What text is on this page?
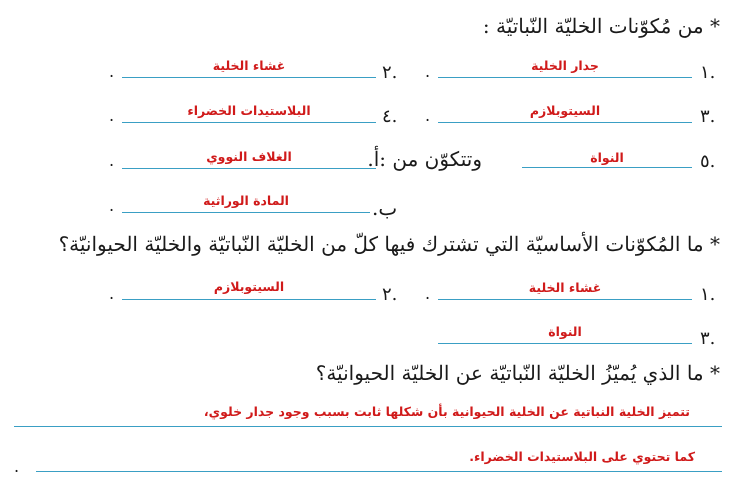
* من مُكوّنات الخليّة النّباتيّة :
.١
جدار الخلية
.
.٢
غشاء الخلية
.
.٣
السيتوبلازم
.
.٤
البلاستيدات الخضراء
.
.٥
النواة
وتتكوّن من :أ.
الغلاف النووي
.
ب.
المادة الوراثية
.
* ما المُكوّنات الأساسيّة التي تشترك فيها كلّ من الخليّة النّباتيّة والخليّة الحيوانيّة؟
.١
غشاء الخلية
.
.٢
السيتوبلازم
.
.٣
النواة
* ما الذي يُميّزُ الخليّة النّباتيّة عن الخليّة الحيوانيّة؟
تتميز الخلية النباتية عن الخلية الحيوانية بأن شكلها ثابت بسبب وجود جدار خلوي،
كما تحتوي على البلاستيدات الخضراء.
.
